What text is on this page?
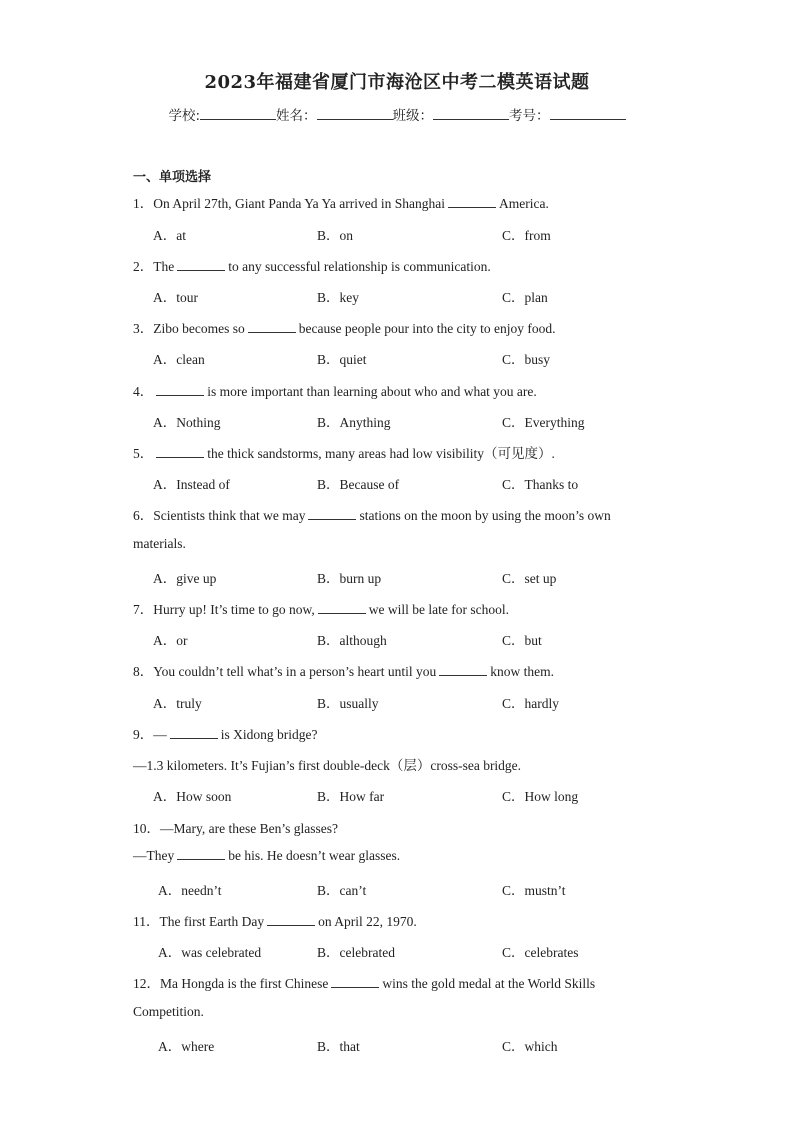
2023年福建省厦门市海沧区中考二模英语试题
学校:	姓名：	班级：	考号：
一、单项选择
1．On April 27th, Giant Panda Ya Ya arrived in Shanghai	America.
A．at	B．on	C．from
2．The	to any successful relationship is communication.
A．tour	B．key	C．plan
3．Zibo becomes so	because people pour into the city to enjoy food.
A．clean	B．quiet	C．busy
4．	is more important than learning about who and what you are.
A．Nothing	B．Anything	C．Everything
5．	the thick sandstorms, many areas had low visibility（可见度）.
A．Instead of	B．Because of	C．Thanks to
6．Scientists think that we may	stations on the moon by using the moon’s own
materials.
A．give up	B．burn up	C．set up
7．Hurry up! It’s time to go now,	we will be late for school.
A．or	B．although	C．but
8．You couldn’t tell what’s in a person’s heart until you	know them.
A．truly	B．usually	C．hardly
9．—	is Xidong bridge?
—1.3 kilometers. It’s Fujian’s first double-deck（层）cross-sea bridge.
A．How soon	B．How far	C．How long
10．—Mary, are these Ben’s glasses?
—They	be his. He doesn’t wear glasses.
A．needn’t	B．can’t	C．mustn’t
11．The first Earth Day	on April 22, 1970.
A．was celebrated	B．celebrated	C．celebrates
12．Ma Hongda is the first Chinese	wins the gold medal at the World Skills
Competition.
A．where	B．that	C．which
